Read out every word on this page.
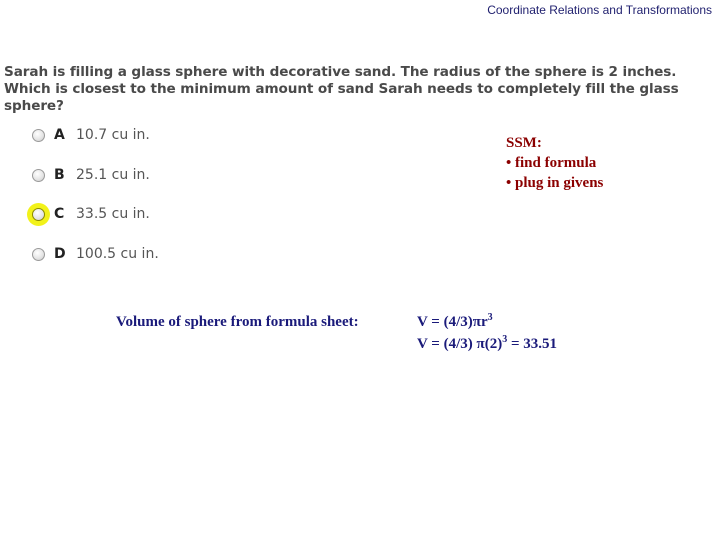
Coordinate Relations and Transformations
Sarah is filling a glass sphere with decorative sand. The radius of the sphere is 2 inches. Which is closest to the minimum amount of sand Sarah needs to completely fill the glass sphere?
A 10.7 cu in.
B 25.1 cu in.
C 33.5 cu in.
D 100.5 cu in.
SSM:
• find formula
• plug in givens
Volume of sphere from formula sheet:	$V = (4/3)\pi r^3$
V = (4/3) $\pi(2)^3 = 33.51$
